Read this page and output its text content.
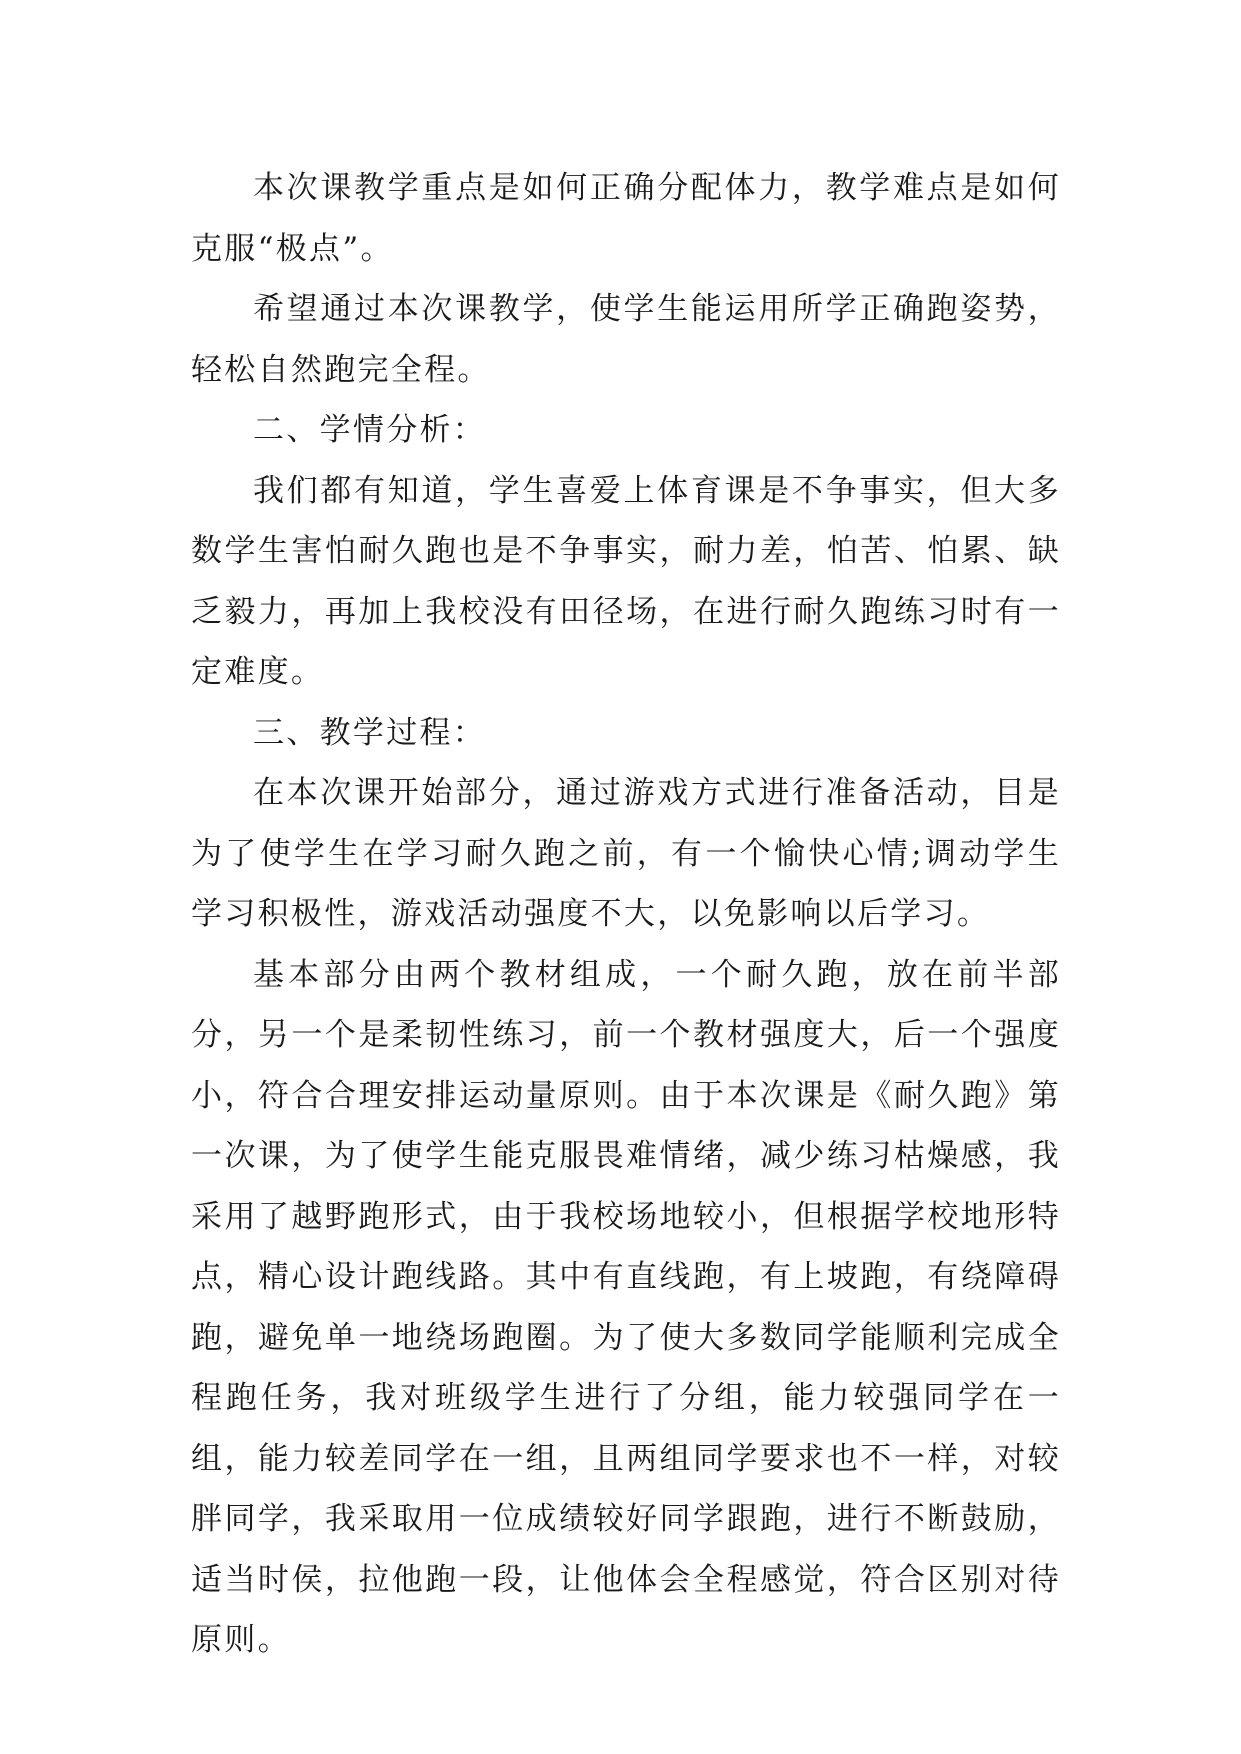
本次课教学重点是如何正确分配体力，教学难点是如何克服“极点”。

希望通过本次课教学，使学生能运用所学正确跑姿势，轻松自然跑完全程。

二、学情分析：

我们都有知道，学生喜爱上体育课是不争事实，但大多数学生害怕耐久跑也是不争事实，耐力差，怕苦、怕累、缺乏毅力，再加上我校没有田径场，在进行耐久跑练习时有一定难度。

三、教学过程：

在本次课开始部分，通过游戏方式进行准备活动，目是为了使学生在学习耐久跑之前，有一个愉快心情;调动学生学习积极性，游戏活动强度不大，以免影响以后学习。

基本部分由两个教材组成，一个耐久跑，放在前半部分，另一个是柔韧性练习，前一个教材强度大，后一个强度小，符合合理安排运动量原则。由于本次课是《耐久跑》第一次课，为了使学生能克服畏难情绪，减少练习枯燥感，我采用了越野跑形式，由于我校场地较小，但根据学校地形特点，精心设计跑线路。其中有直线跑，有上坡跑，有绕障碍跑，避免单一地绕场跑圈。为了使大多数同学能顺利完成全程跑任务，我对班级学生进行了分组，能力较强同学在一组，能力较差同学在一组，且两组同学要求也不一样，对较胖同学，我采取用一位成绩较好同学跟跑，进行不断鼓励，适当时侯，拉他跑一段，让他体会全程感觉，符合区别对待原则。
